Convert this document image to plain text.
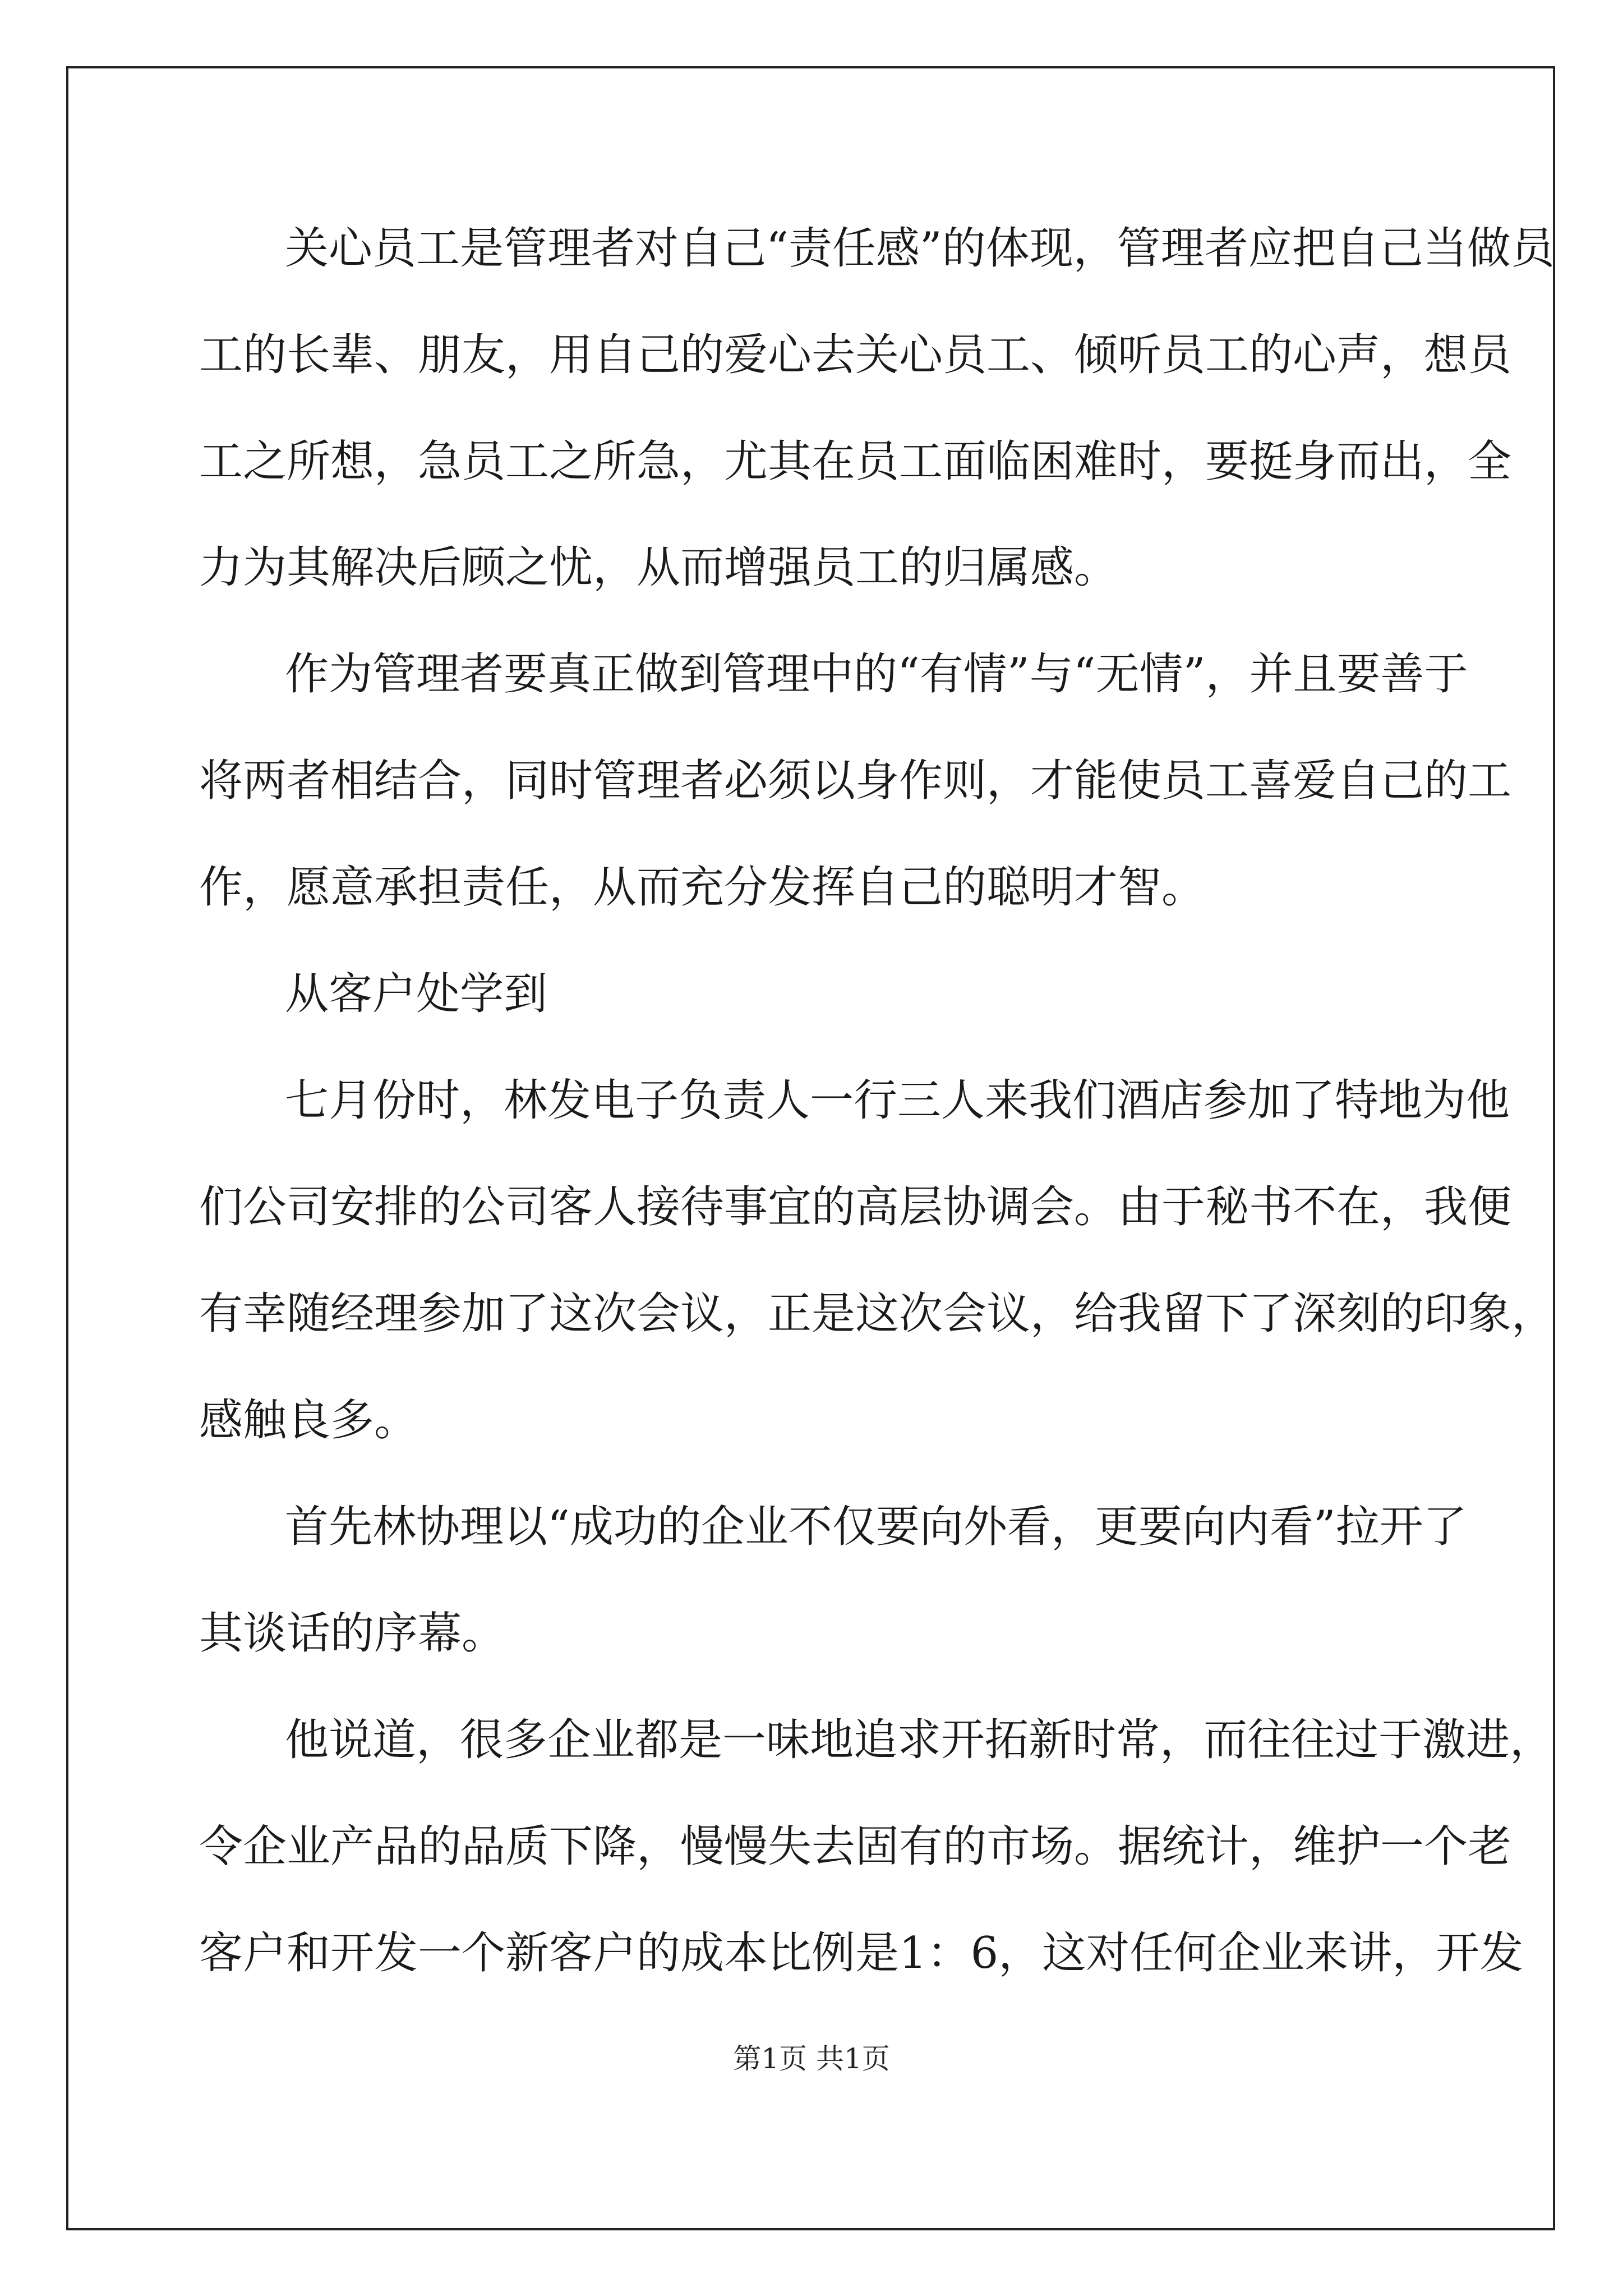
关心员工是管理者对自己“责任感”的体现，管理者应把自己当做员
工的长辈、朋友，用自己的爱心去关心员工、倾听员工的心声，想员
工之所想，急员工之所急，尤其在员工面临困难时，要挺身而出，全
力为其解决后顾之忧，从而增强员工的归属感。
作为管理者要真正做到管理中的“有情”与“无情”，并且要善于
将两者相结合，同时管理者必须以身作则，才能使员工喜爱自己的工
作，愿意承担责任，从而充分发挥自己的聪明才智。
从客户处学到
七月份时，林发电子负责人一行三人来我们酒店参加了特地为他
们公司安排的公司客人接待事宜的高层协调会。由于秘书不在，我便
有幸随经理参加了这次会议，正是这次会议，给我留下了深刻的印象，
感触良多。
首先林协理以“成功的企业不仅要向外看，更要向内看”拉开了
其谈话的序幕。
他说道，很多企业都是一味地追求开拓新时常，而往往过于激进，
令企业产品的品质下降，慢慢失去固有的市场。据统计，维护一个老
客户和开发一个新客户的成本比例是1：6，这对任何企业来讲，开发
第1页 共1页
